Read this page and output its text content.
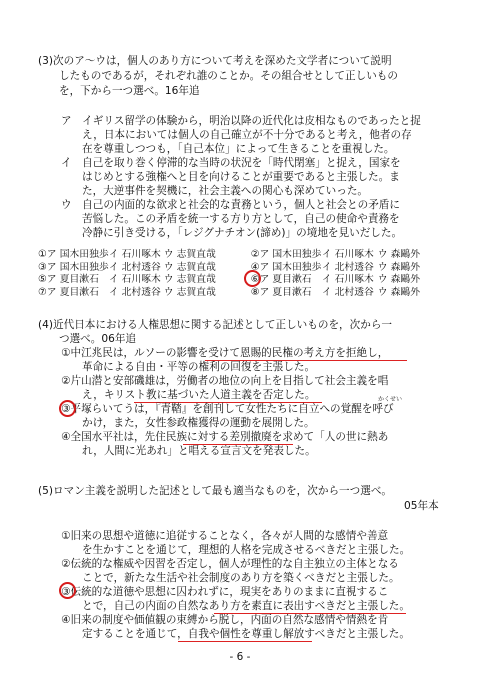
(3)次のア〜ウは，個人のあり方について考えを深めた文学者について説明
したものであるが，それぞれ誰のことか。その組合せとして正しいもの
を，下から一つ選べ。16年追
ア　イギリス留学の体験から，明治以降の近代化は皮相なものであったと捉
え，日本においては個人の自己確立が不十分であると考え，他者の存
在を尊重しつつも，「自己本位」によって生きることを重視した。
イ　自己を取り巻く停滞的な当時の状況を「時代閉塞」と捉え，国家を
はじめとする強権へと目を向けることが重要であると主張した。ま
た，大逆事件を契機に，社会主義への関心も深めていった。
ウ　自己の内面的な欲求と社会的な責務という，個人と社会との矛盾に
苦悩した。この矛盾を統一する方り方として，自己の使命や責務を
冷静に引き受ける，「レジグナチオン(諦め)」の境地を見いだした。
①ア 国木田独歩	イ 石川啄木	ウ 志賀直哉	②ア 国木田独歩	イ 石川啄木	ウ 森鷗外
③ア 国木田独歩	イ 北村透谷	ウ 志賀直哉	④ア 国木田独歩	イ 北村透谷	ウ 森鷗外
⑤ア 夏目漱石	イ 石川啄木	ウ 志賀直哉	⑥ア 夏目漱石	イ 石川啄木	ウ 森鷗外
⑦ア 夏目漱石	イ 北村透谷	ウ 志賀直哉	⑧ア 夏目漱石	イ 北村透谷	ウ 森鷗外
(4)近代日本における人権思想に関する記述として正しいものを，次から一
つ選べ。06年追
①中江兆民は，ルソーの影響を受けて恩賜的民権の考え方を拒絶し，
革命による自由・平等の権利の回復を主張した。
②片山潜と安部磯雄は，労働者の地位の向上を目指して社会主義を唱
え，キリスト教に基づいた人道主義を否定した。	かくせい
③平塚らいてうは，『青鞜』を創刊して女性たちに自立への覚醒を呼び
かけ，また，女性参政権獲得の運動を展開した。
④全国水平社は，先住民族に対する差別撤廃を求めて「人の世に熱あ
れ，人間に光あれ」と唱える宣言文を発表した。
(5)ロマン主義を説明した記述として最も適当なものを，次から一つ選べ。
05年本
①旧来の思想や道徳に追従することなく，各々が人間的な感情や善意
を生かすことを通じて，理想的人格を完成させるべきだと主張した。
②伝統的な権威や因習を否定し，個人が理性的な自主独立の主体となる
ことで，新たな生活や社会制度のあり方を築くべきだと主張した。
③伝統的な道徳や思想に囚われずに，現実をありのままに直視するこ
とで，自己の内面の自然なあり方を素直に表出すべきだと主張した。
④旧来の制度や価値観の束縛から脱し，内面の自然な感情や情熱を肯
定することを通じて，自我や個性を尊重し解放すべきだと主張した。
- 6 -
